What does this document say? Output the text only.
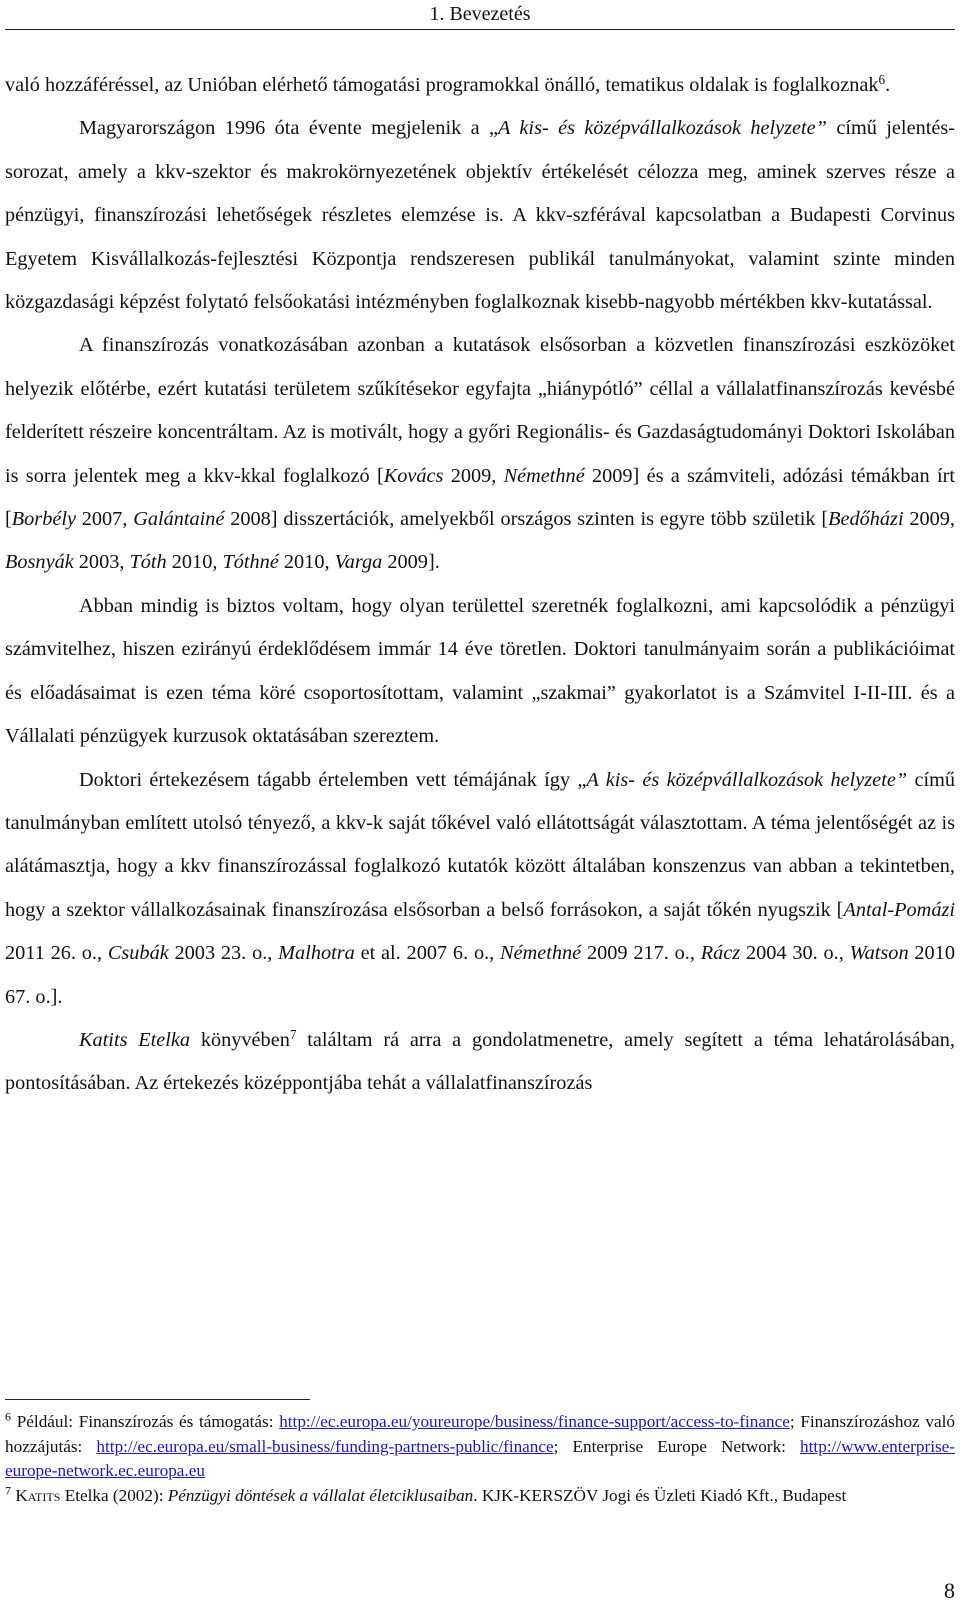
1. Bevezetés

való hozzáféréssel, az Unióban elérhető támogatási programokkal önálló, tematikus oldalak is foglalkoznak$^6$.

Magyarországon 1996 óta évente megjelenik a „A kis- és középvállalkozások helyzete” című jelentés-sorozat, amely a kkv-szektor és makrokörnyezetének objektív értékelését célozza meg, aminek szerves része a pénzügyi, finanszírozási lehetőségek részletes elemzése is. A kkv-szférával kapcsolatban a Budapesti Corvinus Egyetem Kisvállalkozás-fejlesztési Központja rendszeresen publikál tanulmányokat, valamint szinte minden közgazdasági képzést folytató felsőokatási intézményben foglalkoznak kisebb-nagyobb mértékben kkv-kutatással.

A finanszírozás vonatkozásában azonban a kutatások elsősorban a közvetlen finanszírozási eszközöket helyezik előtérbe, ezért kutatási területem szűkítésekor egyfajta „hiánypótló” céllal a vállalatfinanszírozás kevésbé felderített részeire koncentráltam. Az is motivált, hogy a győri Regionális- és Gazdaságtudományi Doktori Iskolában is sorra jelentek meg a kkv-kkal foglalkozó [Kovács 2009, Némethné 2009] és a számviteli, adózási témákban írt [Borbély 2007, Galántainé 2008] disszertációk, amelyekből országos szinten is egyre több születik [Bedőházi 2009, Bosnyák 2003, Tóth 2010, Tóthné 2010, Varga 2009].

Abban mindig is biztos voltam, hogy olyan területtel szeretnék foglalkozni, ami kapcsolódik a pénzügyi számvitelhez, hiszen ezirányú érdeklődésem immár 14 éve töretlen. Doktori tanulmányaim során a publikációimat és előadásaimat is ezen téma köré csoportosítottam, valamint „szakmai” gyakorlatot is a Számvitel I-II-III. és a Vállalati pénzügyek kurzusok oktatásában szereztem.

Doktori értekezésem tágabb értelemben vett témájának így „A kis- és középvállalkozások helyzete” című tanulmányban említett utolsó tényező, a kkv-k saját tőkével való ellátottságát választottam. A téma jelentőségét az is alátámasztja, hogy a kkv finanszírozással foglalkozó kutatók között általában konszenzus van abban a tekintetben, hogy a szektor vállalkozásainak finanszírozása elsősorban a belső forrásokon, a saját tőkén nyugszik [Antal-Pomázi 2011 26. o., Csubák 2003 23. o., Malhotra et al. 2007 6. o., Némethné 2009 217. o., Rácz 2004 30. o., Watson 2010 67. o.].

Katits Etelka könyvében$^7$ találtam rá arra a gondolatmenetre, amely segített a téma lehatárolásában, pontosításában. Az értekezés középpontjába tehát a vállalatfinanszírozás

$^6$ Például: Finanszírozás és támogatás: http://ec.europa.eu/youreurope/business/finance-support/access-to-finance; Finanszírozáshoz való hozzájutás: http://ec.europa.eu/small-business/funding-partners-public/finance; Enterprise Europe Network: http://www.enterprise-europe-network.ec.europa.eu

$^7$ Katits Etelka (2002): Pénzügyi döntések a vállalat életciklusaiban. KJK-KERSZÖV Jogi és Üzleti Kiadó Kft., Budapest

8
